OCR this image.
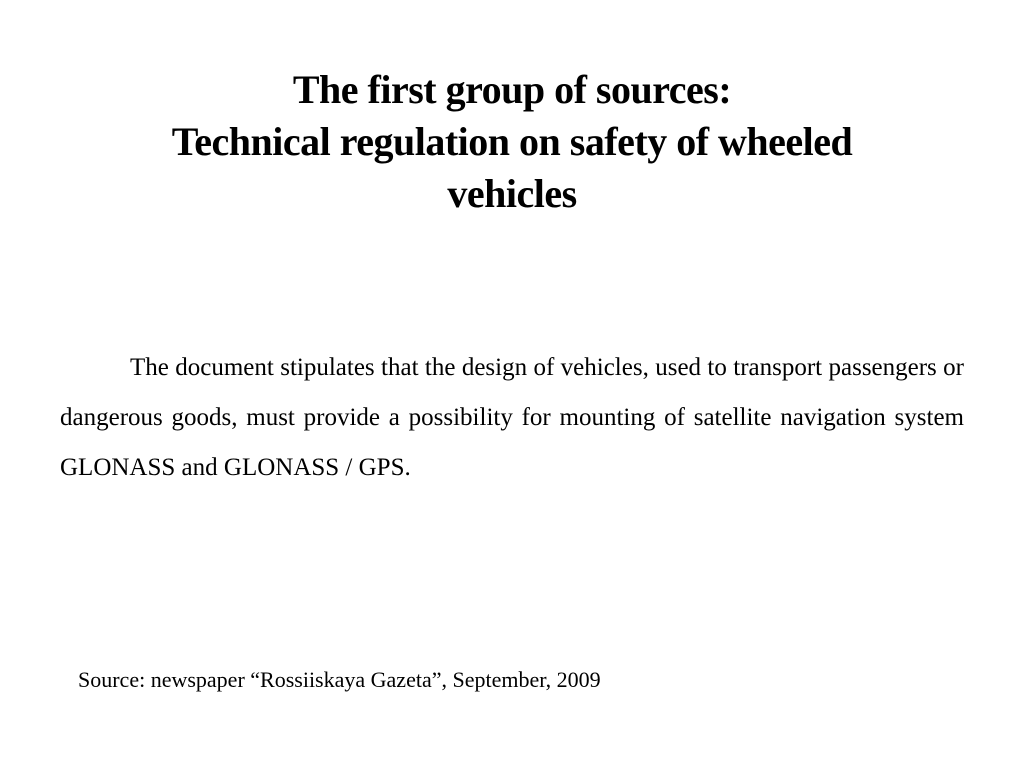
The first group of sources:
Technical regulation on safety of wheeled
vehicles

The document stipulates that the design of vehicles, used to transport passengers or dangerous goods, must provide a possibility for mounting of satellite navigation system GLONASS and GLONASS / GPS.

Source: newspaper “Rossiiskaya Gazeta”, September, 2009
